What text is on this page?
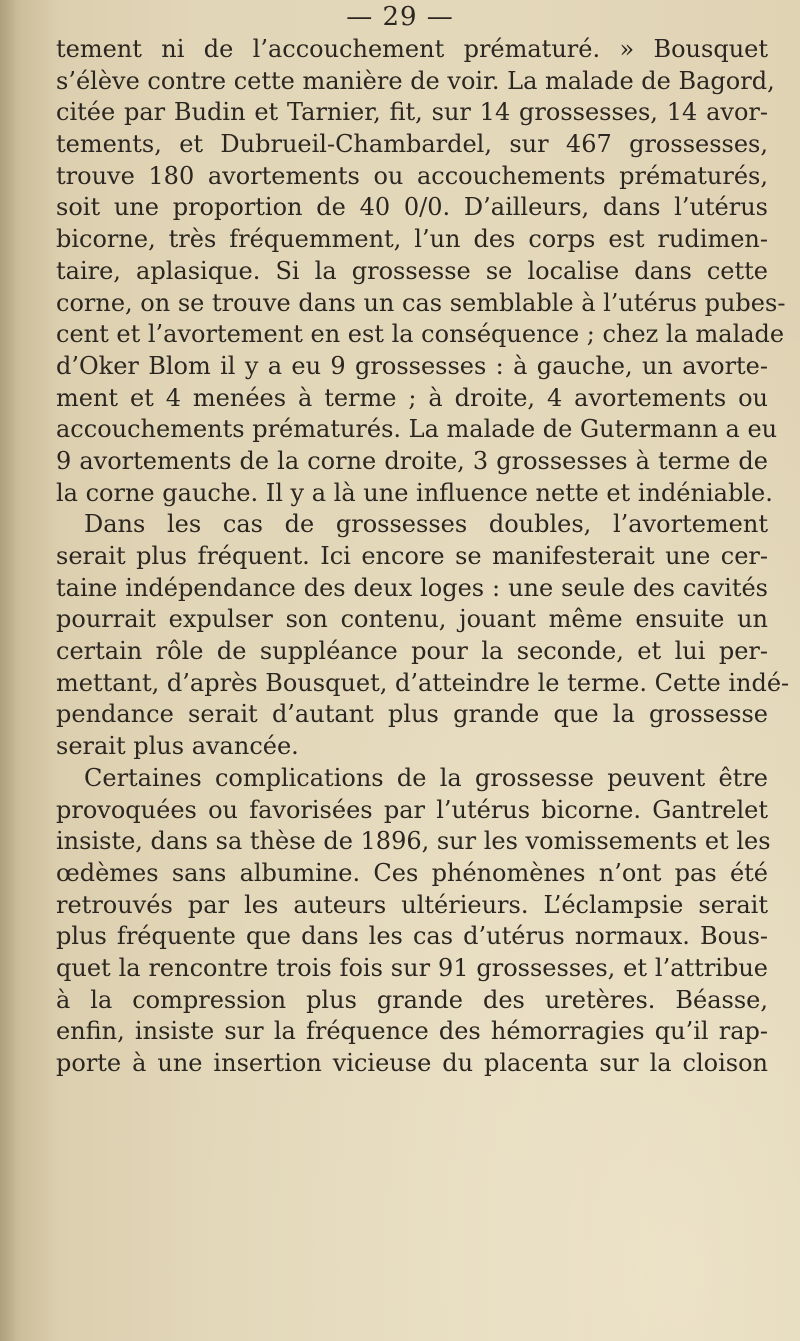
— 29 —
tement ni de l’accouchement prématuré. » Bousquet
s’élève contre cette manière de voir. La malade de Bagord,
citée par Budin et Tarnier, fit, sur 14 grossesses, 14 avor-
tements, et Dubrueil-Chambardel, sur 467 grossesses,
trouve 180 avortements ou accouchements prématurés,
soit une proportion de 40 0/0. D’ailleurs, dans l’utérus
bicorne, très fréquemment, l’un des corps est rudimen-
taire, aplasique. Si la grossesse se localise dans cette
corne, on se trouve dans un cas semblable à l’utérus pubes-
cent et l’avortement en est la conséquence ; chez la malade
d’Oker Blom il y a eu 9 grossesses : à gauche, un avorte-
ment et 4 menées à terme ; à droite, 4 avortements ou
accouchements prématurés. La malade de Gutermann a eu
9 avortements de la corne droite, 3 grossesses à terme de
la corne gauche. Il y a là une influence nette et indéniable.
Dans les cas de grossesses doubles, l’avortement
serait plus fréquent. Ici encore se manifesterait une cer-
taine indépendance des deux loges : une seule des cavités
pourrait expulser son contenu, jouant même ensuite un
certain rôle de suppléance pour la seconde, et lui per-
mettant, d’après Bousquet, d’atteindre le terme. Cette indé-
pendance serait d’autant plus grande que la grossesse
serait plus avancée.
Certaines complications de la grossesse peuvent être
provoquées ou favorisées par l’utérus bicorne. Gantrelet
insiste, dans sa thèse de 1896, sur les vomissements et les
œdèmes sans albumine. Ces phénomènes n’ont pas été
retrouvés par les auteurs ultérieurs. L’éclampsie serait
plus fréquente que dans les cas d’utérus normaux. Bous-
quet la rencontre trois fois sur 91 grossesses, et l’attribue
à la compression plus grande des uretères. Béasse,
enfin, insiste sur la fréquence des hémorragies qu’il rap-
porte à une insertion vicieuse du placenta sur la cloison
